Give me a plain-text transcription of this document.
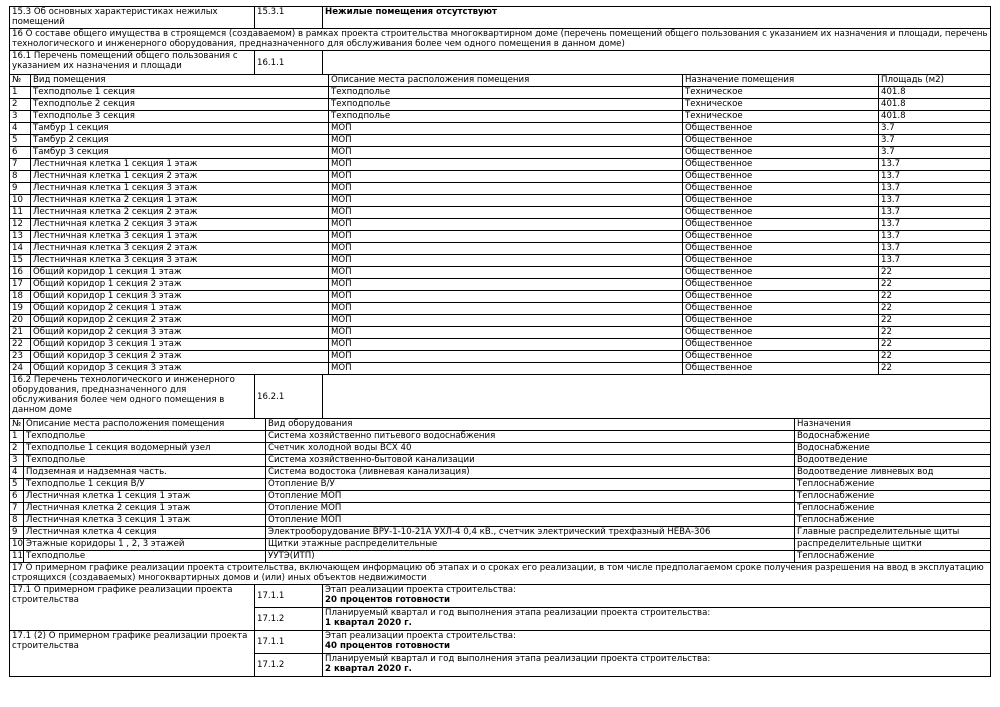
15.3 Об основных характеристиках нежилых помещений	15.3.1	Нежилые помещения отсутствуют
16 О составе общего имущества в строящемся (создаваемом) в рамках проекта строительства многоквартирном доме (перечень помещений общего пользования с указанием их назначения и площади, перечень технологического и инженерного оборудования, предназначенного для обслуживания более чем одного помещения в данном доме)
16.1 Перечень помещений общего пользования с указанием их назначения и площади	16.1.1	
№	Вид помещения	Описание места расположения помещения	Назначение помещения	Площадь (м2)
1	Техподполье 1 секция	Техподполье	Техническое	401.8
2	Техподполье 2 секция	Техподполье	Техническое	401.8
3	Техподполье 3 секция	Техподполье	Техническое	401.8
4	Тамбур 1 секция	МОП	Общественное	3.7
5	Тамбур 2 секция	МОП	Общественное	3.7
6	Тамбур 3 секция	МОП	Общественное	3.7
7	Лестничная клетка 1 секция 1 этаж	МОП	Общественное	13.7
8	Лестничная клетка 1 секция 2 этаж	МОП	Общественное	13.7
9	Лестничная клетка 1 секция 3 этаж	МОП	Общественное	13.7
10	Лестничная клетка 2 секция 1 этаж	МОП	Общественное	13.7
11	Лестничная клетка 2 секция 2 этаж	МОП	Общественное	13.7
12	Лестничная клетка 2 секция 3 этаж	МОП	Общественное	13.7
13	Лестничная клетка 3 секция 1 этаж	МОП	Общественное	13.7
14	Лестничная клетка 3 секция 2 этаж	МОП	Общественное	13.7
15	Лестничная клетка 3 секция 3 этаж	МОП	Общественное	13.7
16	Общий коридор 1 секция 1 этаж	МОП	Общественное	22
17	Общий коридор 1 секция 2 этаж	МОП	Общественное	22
18	Общий коридор 1 секция 3 этаж	МОП	Общественное	22
19	Общий коридор 2 секция 1 этаж	МОП	Общественное	22
20	Общий коридор 2 секция 2 этаж	МОП	Общественное	22
21	Общий коридор 2 секция 3 этаж	МОП	Общественное	22
22	Общий коридор 3 секция 1 этаж	МОП	Общественное	22
23	Общий коридор 3 секция 2 этаж	МОП	Общественное	22
24	Общий коридор 3 секция 3 этаж	МОП	Общественное	22
16.2 Перечень технологического и инженерного оборудования, предназначенного для обслуживания более чем одного помещения в данном доме	16.2.1	
№	Описание места расположения помещения	Вид оборудования	Назначения
1	Техподполье	Система хозяйственно питьевого водоснабжения	Водоснабжение
2	Техподполье 1 секция водомерный узел	Счетчик холодной воды ВСХ 40	Водоснабжение
3	Техподполье	Система хозяйственно-бытовой канализации	Водоотведение
4	Подземная и надземная часть.	Система водостока (ливневая канализация)	Водоотведение ливневых вод
5	Техподполье 1 секция В/У	Отопление В/У	Теплоснабжение
6	Лестничная клетка 1 секция 1 этаж	Отопление МОП	Теплоснабжение
7	Лестничная клетка 2 секция 1 этаж	Отопление МОП	Теплоснабжение
8	Лестничная клетка 3 секция 1 этаж	Отопление МОП	Теплоснабжение
9	Лестничная клетка 4 секция	Электрооборудование ВРУ-1-10-21А УХЛ-4 0,4 кВ., счетчик электрический трехфазный НЕВА-306	Главные распределительные щиты
10	Этажные коридоры 1 , 2, 3 этажей	Щитки этажные распределительные	распределительные щитки
11	Техподполье	УУТЭ(ИТП)	Теплоснабжение
17 О примерном графике реализации проекта строительства, включающем информацию об этапах и о сроках его реализации, в том числе предполагаемом сроке получения разрешения на ввод в эксплуатацию строящихся (создаваемых) многоквартирных домов и (или) иных объектов недвижимости
17.1 О примерном графике реализации проекта строительства	17.1.1	Этап реализации проекта строительства:
20 процентов готовности

	17.1.2	Планируемый квартал и год выполнения этапа реализации проекта строительства:
1 квартал 2020 г.

17.1 (2) О примерном графике реализации проекта строительства	17.1.1	Этап реализации проекта строительства:
40 процентов готовности

	17.1.2	Планируемый квартал и год выполнения этапа реализации проекта строительства:
2 квартал 2020 г.
